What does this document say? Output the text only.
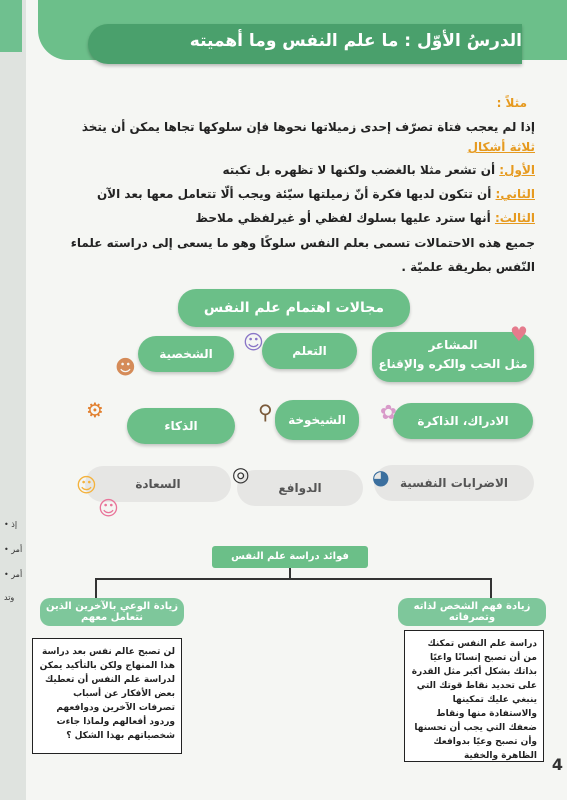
• إذ
• أمر
• أمر
وتد
الدرسُ الأوّل : ما علم النفس وما أهميته
مثلاً :
إذا لم يعجب فتاة تصرّف إحدى زميلاتها نحوها فإن سلوكها تجاها يمكن أن يتخذ
ثلاثة أشكال
الأول: أن تشعر مثلا بالغضب ولكنها لا تظهره بل تكبته
الثاني: أن تتكون لديها فكرة أنّ زميلتها سيّئة ويجب ألّا تتعامل معها بعد الآن
الثالث: أنها سترد عليها بسلوك لفظي أو غيرلفظي ملاحظ
جميع هذه الاحتمالات تسمى بعلم النفس سلوكًا وهو ما يسعى إلى دراسته علماء
النّفس بطريقة علميّة .
مجالات اهتمام علم النفس
المشاعر
مثل الحب والكره والإقناع
♥
التعلم
☺
الشخصية
☻
الادراك، الذاكرة
✿
الشيخوخة
⚲
الذكاء
⚙
الاضرابات النفسية
◕
الدوافع
◎
السعادة
☺
☺
فوائد دراسة علم النفس
زيادة فهم الشخص لذاته وتصرفاته
زيادة الوعي بالآخرين الذين نتعامل معهم
دراسة علم النفس تمكنك من أن تصبح إنسانًا واعيًا بذاتك بشكل أكبر مثل القدرة على تحديد نقاط قوتك التي ينبغي عليك تمكينها والاستفادة منها ونقاط ضعفك التي يجب أن تحسنها وأن تصبح وعيًا بدوافعك الظاهرة والخفية
لن تصبح عالم نفس بعد دراسة هذا المنهاج ولكن بالتأكيد يمكن لدراسة علم النفس أن تعطيك بعض الأفكار عن أسباب تصرفات الآخرين ودوافعهم وردود أفعالهم ولماذا جاءت شخصياتهم بهذا الشكل ؟
4
